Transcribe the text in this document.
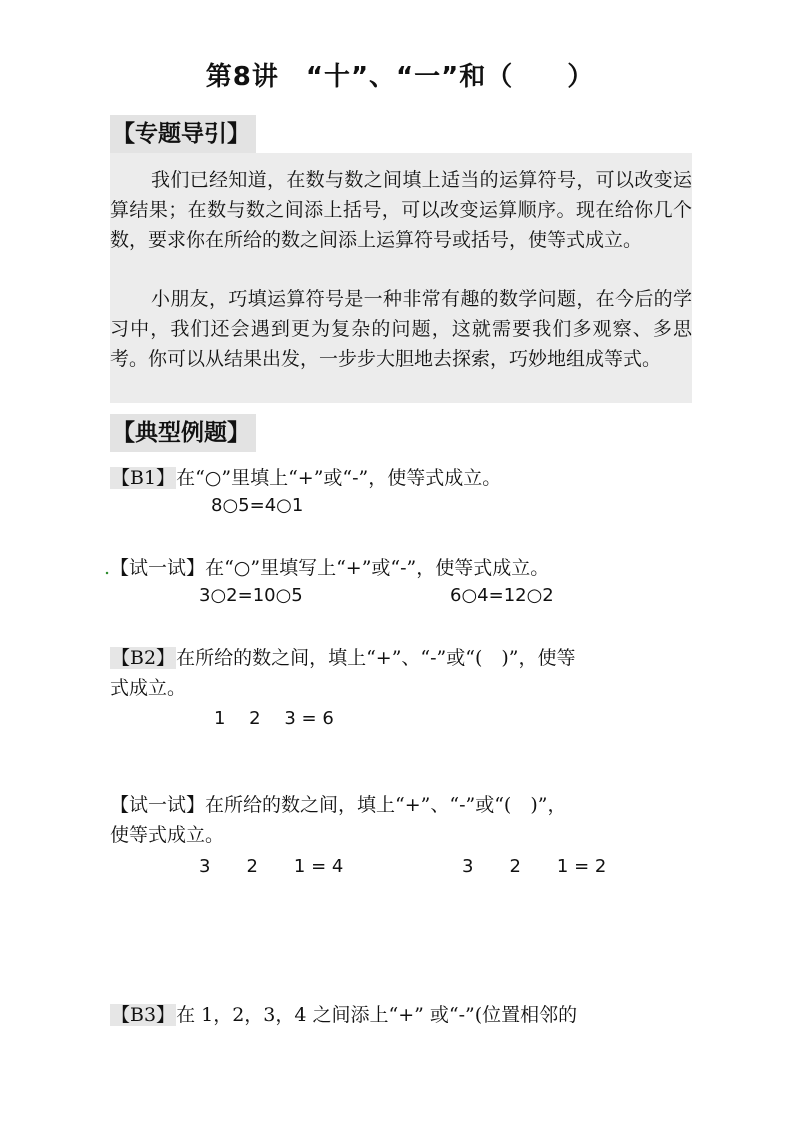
第8讲　“十”、“一”和（　　）
【专题导引】
我们已经知道，在数与数之间填上适当的运算符号，可以改变运算结果；在数与数之间添上括号，可以改变运算顺序。现在给你几个数，要求你在所给的数之间添上运算符号或括号，使等式成立。
小朋友，巧填运算符号是一种非常有趣的数学问题，在今后的学习中，我们还会遇到更为复杂的问题，这就需要我们多观察、多思考。你可以从结果出发，一步步大胆地去探索，巧妙地组成等式。
【典型例题】
【B1】在“○”里填上“+”或“-”，使等式成立。
8○5=4○1
.【试一试】在“○”里填写上“+”或“-”，使等式成立。
3○2=10○5	6○4=12○2
【B2】在所给的数之间，填上“+”、“-”或“(　)”，使等
式成立。
1　 2　 3 = 6
【试一试】在所给的数之间，填上“+”、“-”或“(　)”，
使等式成立。
3　　2　　1 = 4	3　　2　　1 = 2
【B3】在 1，2，3，4 之间添上“+” 或“-”(位置相邻的
